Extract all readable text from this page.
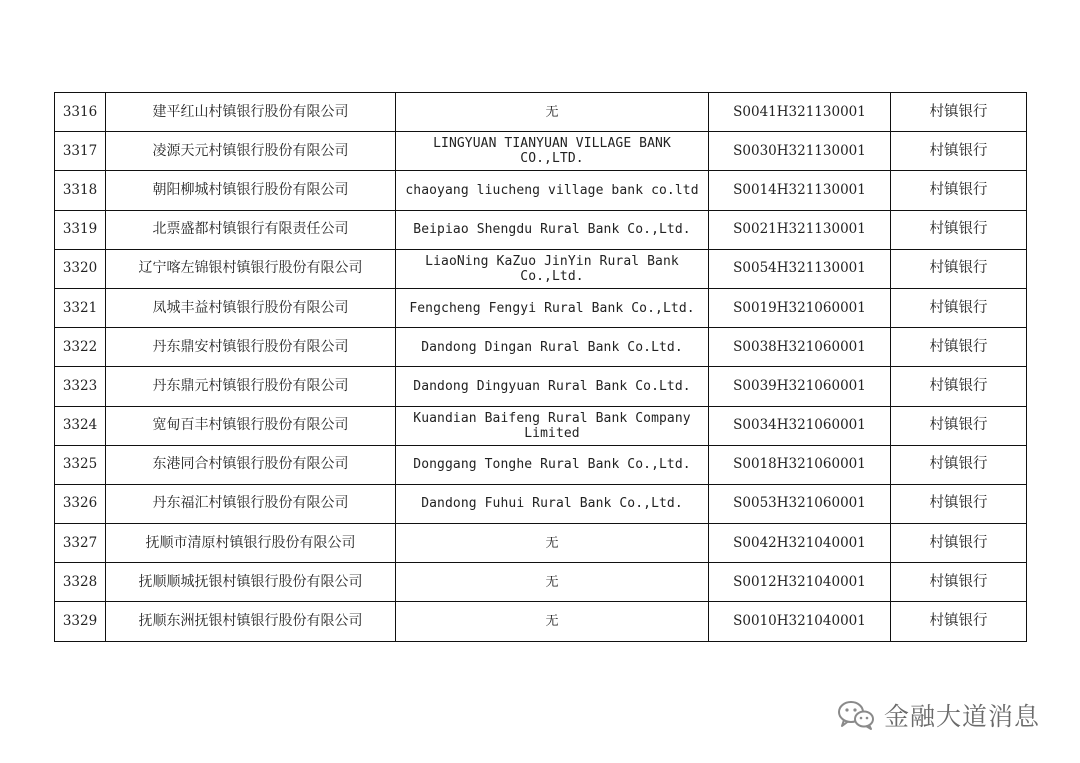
3316	建平红山村镇银行股份有限公司	无	S0041H321130001	村镇银行
3317	凌源天元村镇银行股份有限公司	LINGYUAN TIANYUAN VILLAGE BANK CO.,LTD.	S0030H321130001	村镇银行
3318	朝阳柳城村镇银行股份有限公司	chaoyang liucheng village bank co.ltd	S0014H321130001	村镇银行
3319	北票盛都村镇银行有限责任公司	Beipiao Shengdu Rural Bank Co.,Ltd.	S0021H321130001	村镇银行
3320	辽宁喀左锦银村镇银行股份有限公司	LiaoNing KaZuo JinYin Rural Bank Co.,Ltd.	S0054H321130001	村镇银行
3321	凤城丰益村镇银行股份有限公司	Fengcheng Fengyi Rural Bank Co.,Ltd.	S0019H321060001	村镇银行
3322	丹东鼎安村镇银行股份有限公司	Dandong Dingan Rural Bank Co.Ltd.	S0038H321060001	村镇银行
3323	丹东鼎元村镇银行股份有限公司	Dandong Dingyuan Rural Bank Co.Ltd.	S0039H321060001	村镇银行
3324	宽甸百丰村镇银行股份有限公司	Kuandian Baifeng Rural Bank Company Limited	S0034H321060001	村镇银行
3325	东港同合村镇银行股份有限公司	Donggang Tonghe Rural Bank Co.,Ltd.	S0018H321060001	村镇银行
3326	丹东福汇村镇银行股份有限公司	Dandong Fuhui Rural Bank Co.,Ltd.	S0053H321060001	村镇银行
3327	抚顺市清原村镇银行股份有限公司	无	S0042H321040001	村镇银行
3328	抚顺顺城抚银村镇银行股份有限公司	无	S0012H321040001	村镇银行
3329	抚顺东洲抚银村镇银行股份有限公司	无	S0010H321040001	村镇银行
金融大道消息
